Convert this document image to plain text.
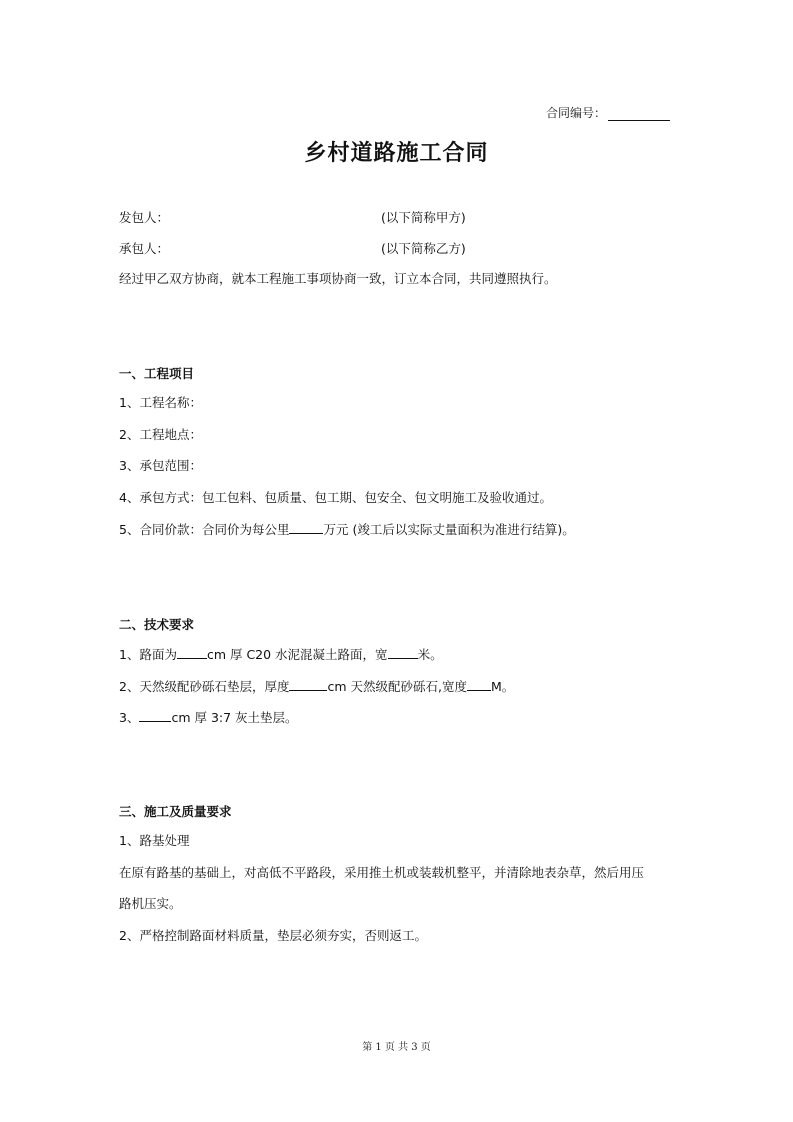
合同编号：
乡村道路施工合同
发包人：	(以下简称甲方)
承包人：	(以下简称乙方)
经过甲乙双方协商，就本工程施工事项协商一致，订立本合同，共同遵照执行。
一、工程项目
1、工程名称：
2、工程地点：
3、承包范围：
4、承包方式：包工包料、包质量、包工期、包安全、包文明施工及验收通过。
5、合同价款：合同价为每公里	万元 (竣工后以实际丈量面积为准进行结算)。
二、技术要求
1、路面为 cm 厚 C20 水泥混凝土路面，宽 米。
2、天然级配砂砾石垫层，厚度	cm 天然级配砂砾石,宽度 M。
3、	cm 厚 3:7 灰土垫层。
三、施工及质量要求
1、路基处理
在原有路基的基础上，对高低不平路段，采用推土机或装载机整平，并清除地表杂草，然后用压
路机压实。
2、严格控制路面材料质量，垫层必须夯实，否则返工。
第 1 页 共 3 页
